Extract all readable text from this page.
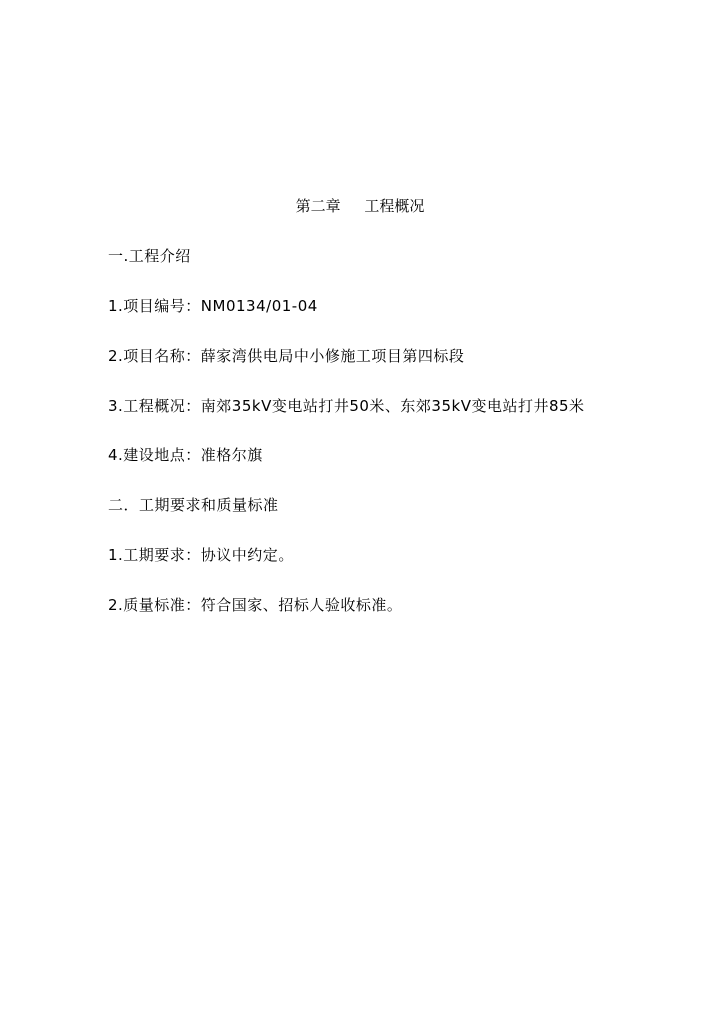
第二章     工程概况
一.工程介绍
1.项目编号：NM0134/01-04
2.项目名称：薛家湾供电局中小修施工项目第四标段
3.工程概况：南郊35kV变电站打井50米、东郊35kV变电站打井85米
4.建设地点：准格尔旗
二．工期要求和质量标准
1.工期要求：协议中约定。
2.质量标准：符合国家、招标人验收标准。
